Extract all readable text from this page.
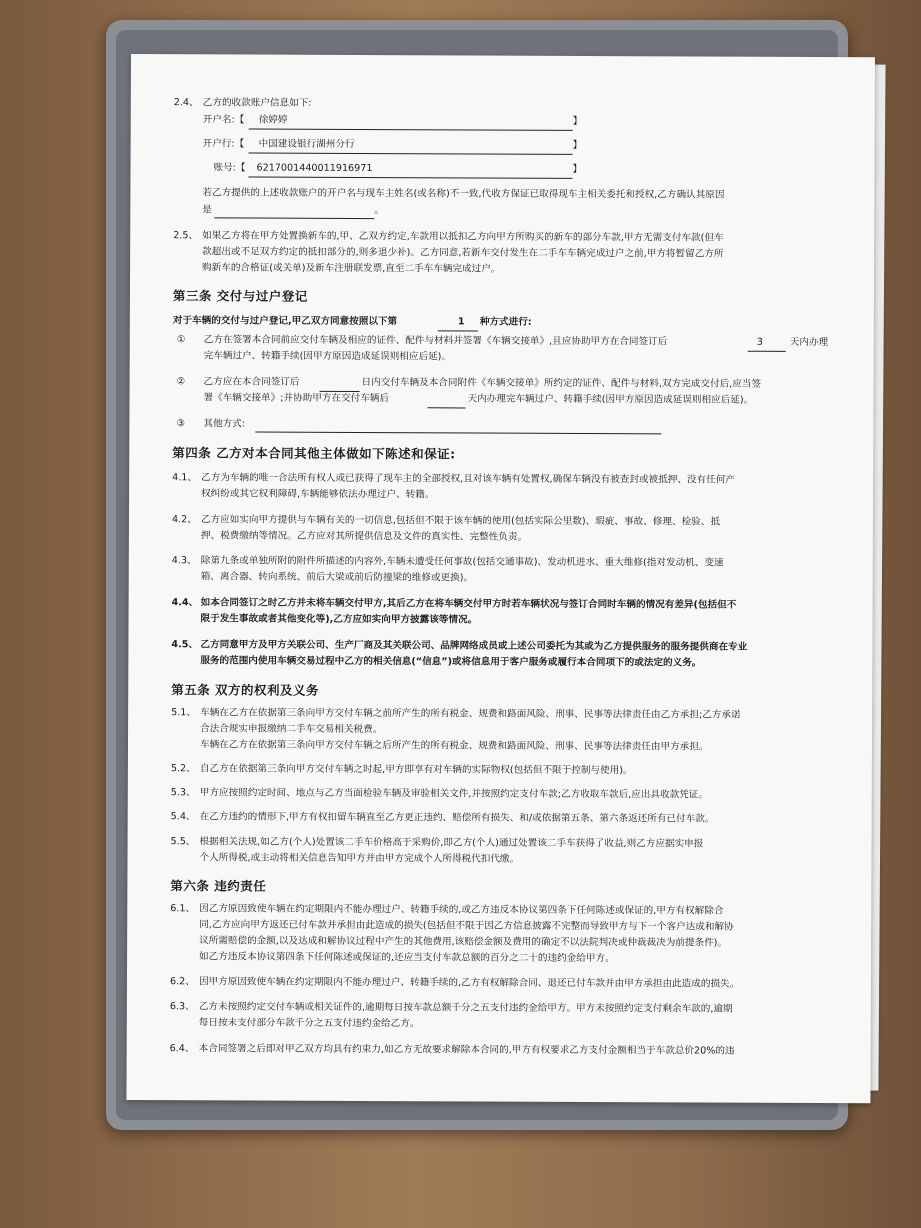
2.4、 乙方的收款账户信息如下:
开户名:【 徐婷婷	】
开户行:【 中国建设银行湖州分行	】
账号:【 6217001440011916971	】
若乙方提供的上述收款账户的开户名与现车主姓名(或名称)不一致,代收方保证已取得现车主相关委托和授权,乙方确认其原因
是	。
2.5、 如果乙方将在甲方处置换新车的,甲、乙双方约定,车款用以抵扣乙方向甲方所购买的新车的部分车款,甲方无需支付车款(但车
款超出或不足双方约定的抵扣部分的,则多退少补)。乙方同意,若新车交付发生在二手车车辆完成过户之前,甲方将暂留乙方所
购新车的合格证(或关单)及新车注册联发票,直至二手车车辆完成过户。
第三条 交付与过户登记
对于车辆的交付与过户登记,甲乙双方同意按照以下第	1 种方式进行:
① 乙方在签署本合同前应交付车辆及相应的证件、配件与材料并签署《车辆交接单》,且应协助甲方在合同签订后	3	天内办理
完车辆过户、转籍手续(因甲方原因造成延误则相应后延)。
② 乙方应在本合同签订后	日内交付车辆及本合同附件《车辆交接单》所约定的证件、配件与材料,双方完成交付后,应当签
署《车辆交接单》;并协助甲方在交付车辆后	天内办理完车辆过户、转籍手续(因甲方原因造成延误则相应后延)。
③ 其他方式:
第四条 乙方对本合同其他主体做如下陈述和保证:
4.1、 乙方为车辆的唯一合法所有权人或已获得了现车主的全部授权,且对该车辆有处置权,确保车辆没有被查封或被抵押、没有任何产
权纠纷或其它权利障碍,车辆能够依法办理过户、转籍。
4.2、 乙方应如实向甲方提供与车辆有关的一切信息,包括但不限于该车辆的使用(包括实际公里数)、瑕疵、事故、修理、检验、抵
押、税费缴纳等情况。乙方应对其所提供信息及文件的真实性、完整性负责。
4.3、 除第九条或单独所附的附件所描述的内容外,车辆未遭受任何事故(包括交通事故)、发动机进水、重大维修(指对发动机、变速
箱、离合器、转向系统、前后大梁或前后防撞梁的维修或更换)。
4.4、 如本合同签订之时乙方并未将车辆交付甲方,其后乙方在将车辆交付甲方时若车辆状况与签订合同时车辆的情况有差异(包括但不
限于发生事故或者其他变化等),乙方应如实向甲方披露该等情况。
4.5、 乙方同意甲方及甲方关联公司、生产厂商及其关联公司、品牌网络成员或上述公司委托为其或为乙方提供服务的服务提供商在专业
服务的范围内使用车辆交易过程中乙方的相关信息(“信息”)或将信息用于客户服务或履行本合同项下的或法定的义务。
第五条 双方的权利及义务
5.1、 车辆在乙方在依据第三条向甲方交付车辆之前所产生的所有税金、规费和路面风险、刑事、民事等法律责任由乙方承担;乙方承诺
合法合规实申报缴纳二手车交易相关税费。
车辆在乙方在依据第三条向甲方交付车辆之后所产生的所有税金、规费和路面风险、刑事、民事等法律责任由甲方承担。
5.2、 自乙方在依据第三条向甲方交付车辆之时起,甲方即享有对车辆的实际物权(包括但不限于控制与使用)。
5.3、 甲方应按照约定时间、地点与乙方当面检验车辆及审验相关文件,并按照约定支付车款;乙方收取车款后,应出具收款凭证。
5.4、 在乙方违约的情形下,甲方有权扣留车辆直至乙方更正违约、赔偿所有损失、和/或依据第五条、第六条返还所有已付车款。
5.5、 根据相关法规,如乙方(个人)处置该二手车价格高于采购价,即乙方(个人)通过处置该二手车获得了收益,则乙方应据实申报
个人所得税,或主动将相关信息告知甲方并由甲方完成个人所得税代扣代缴。
第六条 违约责任
6.1、 因乙方原因致使车辆在约定期限内不能办理过户、转籍手续的,或乙方违反本协议第四条下任何陈述或保证的,甲方有权解除合
同,乙方应向甲方返还已付车款并承担由此造成的损失(包括但不限于因乙方信息披露不完整而导致甲方与下一个客户达成和解协
议所需赔偿的金额,以及达成和解协议过程中产生的其他费用,该赔偿金额及费用的确定不以法院判决或仲裁裁决为前提条件)。
如乙方违反本协议第四条下任何陈述或保证的,还应当支付车款总额的百分之二十的违约金给甲方。
6.2、 因甲方原因致使车辆在约定期限内不能办理过户、转籍手续的,乙方有权解除合同、退还已付车款并由甲方承担由此造成的损失。
6.3、 乙方未按照约定交付车辆或相关证件的,逾期每日按车款总额千分之五支付违约金给甲方。甲方未按照约定支付剩余车款的,逾期
每日按未支付部分车款千分之五支付违约金给乙方。
6.4、 本合同签署之后即对甲乙双方均具有约束力,如乙方无故要求解除本合同的,甲方有权要求乙方支付金额相当于车款总价20%的违
